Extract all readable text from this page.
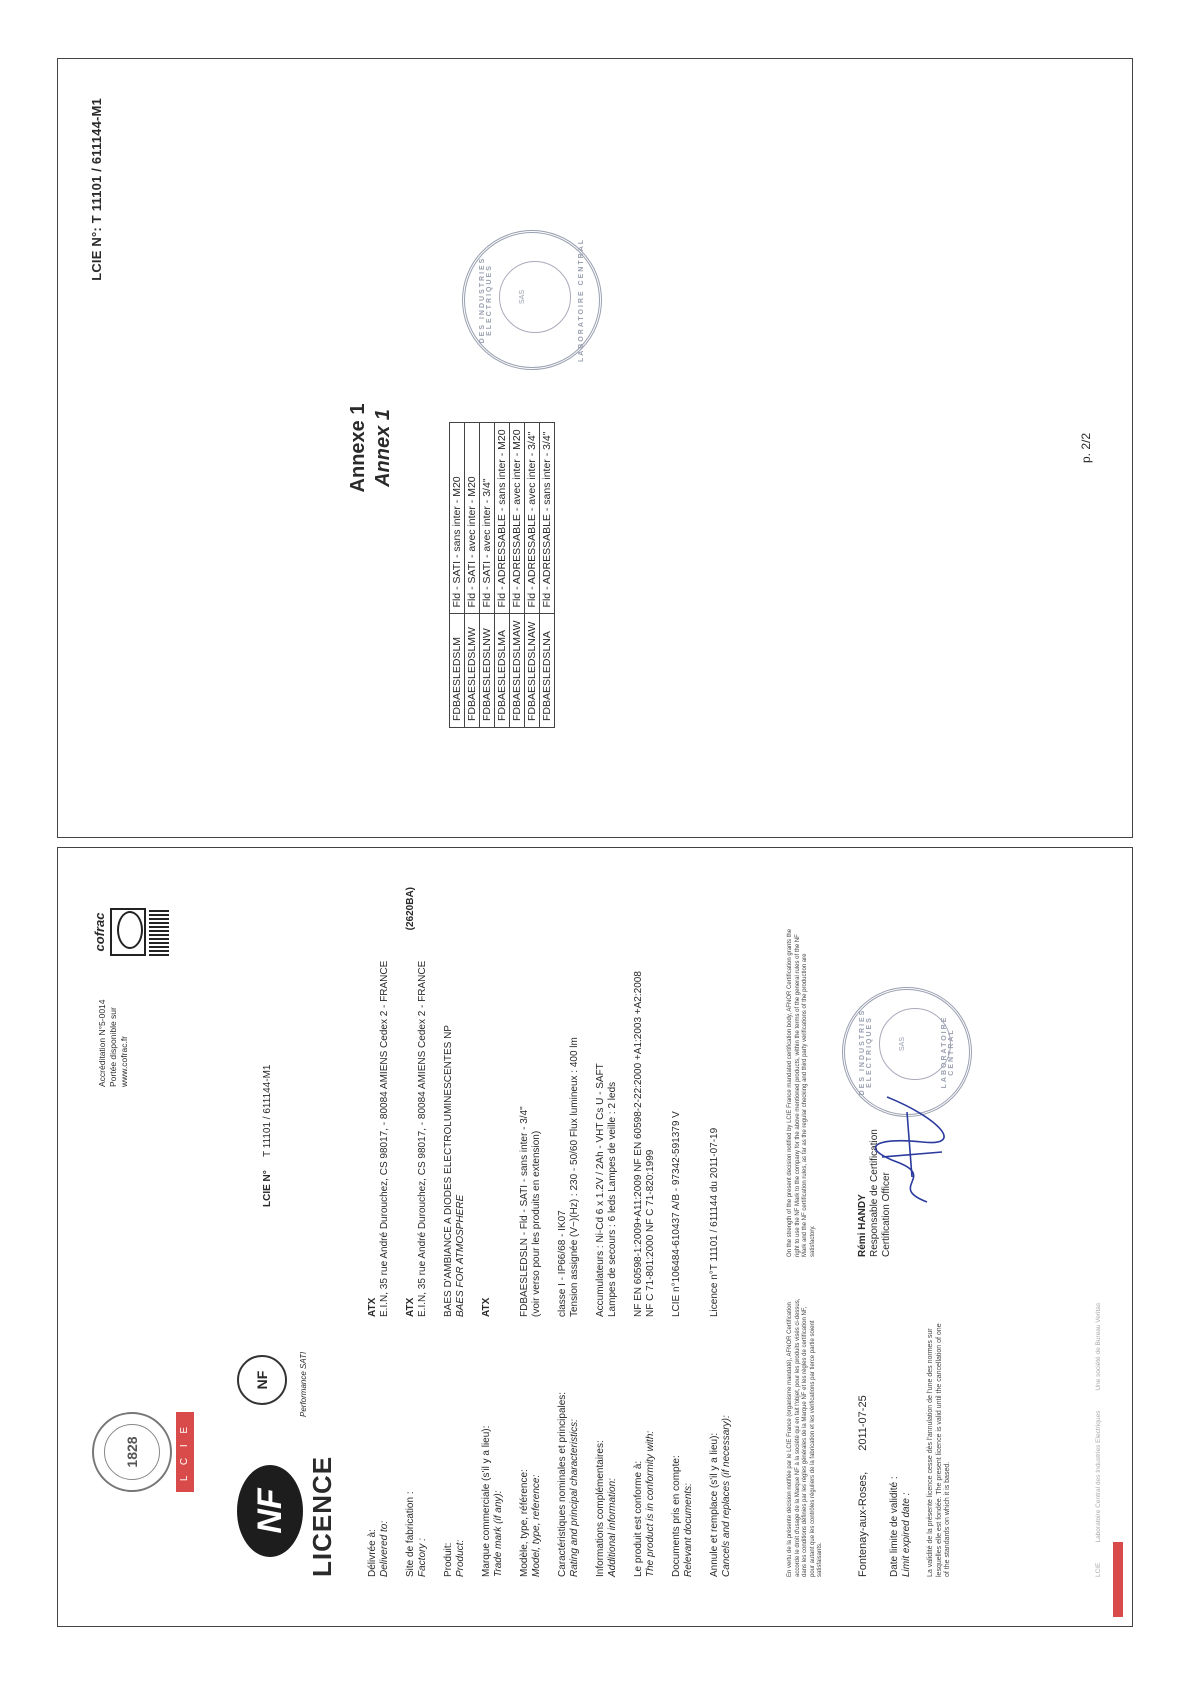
LCIE N°: T 11101 / 611144-M1
Annexe 1 Annex 1
FDBAESLEDSLM	Fld - SATI - sans inter - M20
FDBAESLEDSLMW	Fld - SATI - avec inter - M20
FDBAESLEDSLNW	Fld - SATI - avec inter - 3/4"
FDBAESLEDSLMA	Fld - ADRESSABLE - sans inter - M20
FDBAESLEDSLMAW	Fld - ADRESSABLE - avec inter - M20
FDBAESLEDSLNAW	Fld - ADRESSABLE - avec inter - 3/4"
FDBAESLEDSLNA	Fld - ADRESSABLE - sans inter - 3/4"
DES INDUSTRIES ELECTRIQUES	SAS	LABORATOIRE CENTRAL
p. 2/2
1828	L C I E
Accréditation N°5-0014 Portée disponible sur www.cofrac.fr
cofrac
NF
NF	Performance SATI
LCIE N°
T 11101 / 611144-M1
LICENCE	Délivrée à: Delivered to:
ATX E.I.N, 35 rue André Durouchez, CS 98017, - 80084 AMIENS Cedex 2 - FRANCE
Site de fabrication : Factory :
(2620BA)
ATX E.I.N, 35 rue André Durouchez, CS 98017, - 80084 AMIENS Cedex 2 - FRANCE
Produit: Product:
BAES D'AMBIANCE A DIODES ELECTROLUMINESCENTES NP BAES FOR ATMOSPHERE
Marque commerciale (s'il y a lieu): Trade mark (if any):
ATX
Modèle, type, référence: Model, type, reference:
FDBAESLEDSLN - Fld - SATI - sans inter - 3/4" (voir verso pour les produits en extension)
Caractéristiques nominales et principales: Rating and principal characteristics:
classe I - IP66/68 - IK07 Tension assignée (V~)(Hz) : 230 - 50/60 Flux lumineux : 400 lm
Informations complémentaires: Additional information:
Accumulateurs : Ni-Cd 6 x 1.2V / 2Ah - VHT Cs U - SAFT Lampes de secours : 6 leds Lampes de veille : 2 leds
Le produit est conforme à: The product is in conformity with:
NF EN 60598-1:2009+A11:2009 NF EN 60598-2-22:2000 +A1:2003 +A2:2008 NF C 71-801:2000 NF C 71-820:1999
Documents pris en compte: Relevant documents:
LCIE n°106484-610437 A/B - 97342-591379 V
Annule et remplace (s'il y a lieu): Cancels and replaces (if necessary):
Licence n°T 11101 / 611144 du 2011-07-19
En vertu de la présente décision notifiée par le LCIE France (organisme mandaté), AFNOR Certification accorde le droit d'usage de la Marque NF à la société qui en fait l'objet, pour les produits visés ci-dessus, dans les conditions définies par les règles générales de la Marque NF et les règles de certification NF, pour autant que les contrôles réguliers de la fabrication et les vérifications par tierce partie soient satisfaisants.	Fontenay-aux-Roses, 2011-07-25
Date limite de validité : Limit expired date : La validité de la présente licence cesse dès l'annulation de l'une des normes sur lesquelles elle est fondée. The present licence is valid until the cancellation of one of the standards on which it is based.
On the strength of the present decision notified by LCIE France mandated certification body, AFNOR Certification grants the right to use the NF Mark to the company for the above mentioned products, within the terms of the general rules of the NF Mark and the NF certification rules, as far as the regular checking and third party verifications of the production are satisfactory.	Rémi HANDY Responsable de Certification Certification Officer
DES INDUSTRIES ELECTRIQUES	SAS	LABORATOIRE CENTRAL
LCIE
Laboratoire Central des Industries Electriques
Une société de Bureau Veritas
